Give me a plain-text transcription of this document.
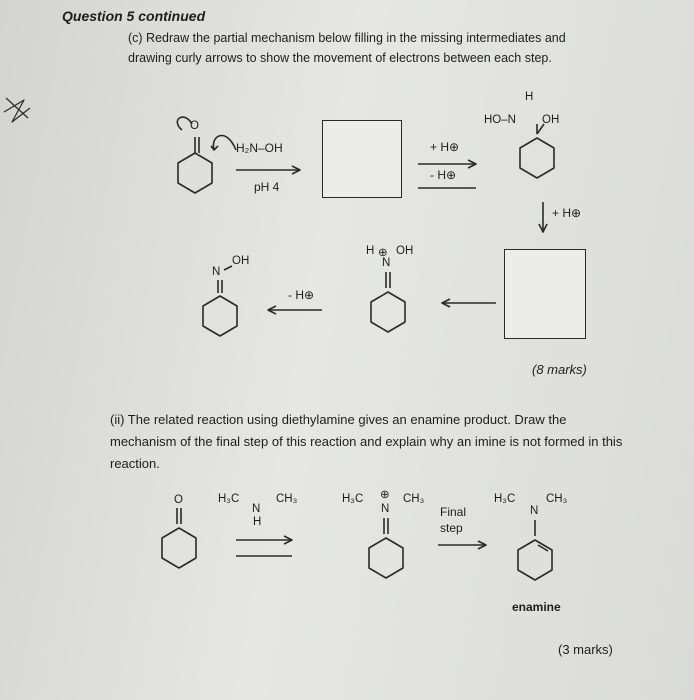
Question 5 continued
(c) Redraw the partial mechanism below filling in the missing intermediates and drawing curly arrows to show the movement of electrons between each step.
O
H₂N–OH
pH 4
+ H⊕
- H⊕
H
HO–N OH
+ H⊕
N
OH
- H⊕
H ⊕
N
OH
(8 marks)
(ii) The related reaction using diethylamine gives an enamine product. Draw the mechanism of the final step of this reaction and explain why an imine is not formed in this reaction.
O	H₃C
N
CH₃
H
H₃C ⊕
N
CH₃
Final step
H₃C
N
CH₃
enamine
(3 marks)
